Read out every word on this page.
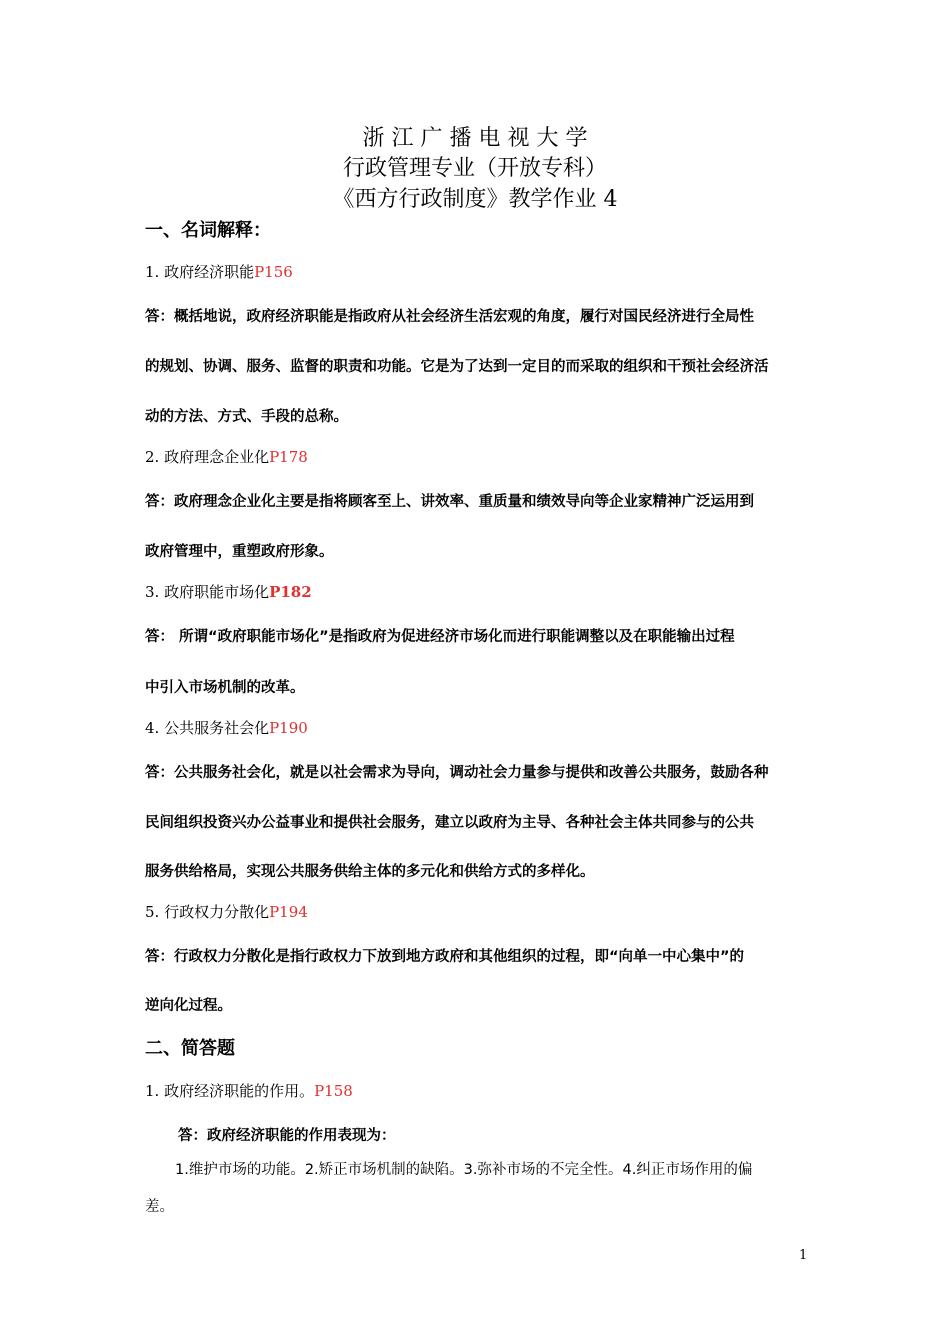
浙 江 广 播 电 视 大 学
行政管理专业（开放专科）
《西方行政制度》教学作业 4
一、名词解释：
1. 政府经济职能P156
答：概括地说，政府经济职能是指政府从社会经济生活宏观的角度，履行对国民经济进行全局性
的规划、协调、服务、监督的职责和功能。它是为了达到一定目的而采取的组织和干预社会经济活
动的方法、方式、手段的总称。
2. 政府理念企业化P178
答：政府理念企业化主要是指将顾客至上、讲效率、重质量和绩效导向等企业家精神广泛运用到
政府管理中，重塑政府形象。
3. 政府职能市场化P182
答： 所谓“政府职能市场化”是指政府为促进经济市场化而进行职能调整以及在职能输出过程
中引入市场机制的改革。
4. 公共服务社会化P190
答：公共服务社会化，就是以社会需求为导向，调动社会力量参与提供和改善公共服务，鼓励各种
民间组织投资兴办公益事业和提供社会服务，建立以政府为主导、各种社会主体共同参与的公共
服务供给格局，实现公共服务供给主体的多元化和供给方式的多样化。
5. 行政权力分散化P194
答：行政权力分散化是指行政权力下放到地方政府和其他组织的过程，即“向单一中心集中”的
逆向化过程。
二、简答题
1. 政府经济职能的作用。P158
答：政府经济职能的作用表现为：
1.维护市场的功能。2.矫正市场机制的缺陷。3.弥补市场的不完全性。4.纠正市场作用的偏
差。
1
